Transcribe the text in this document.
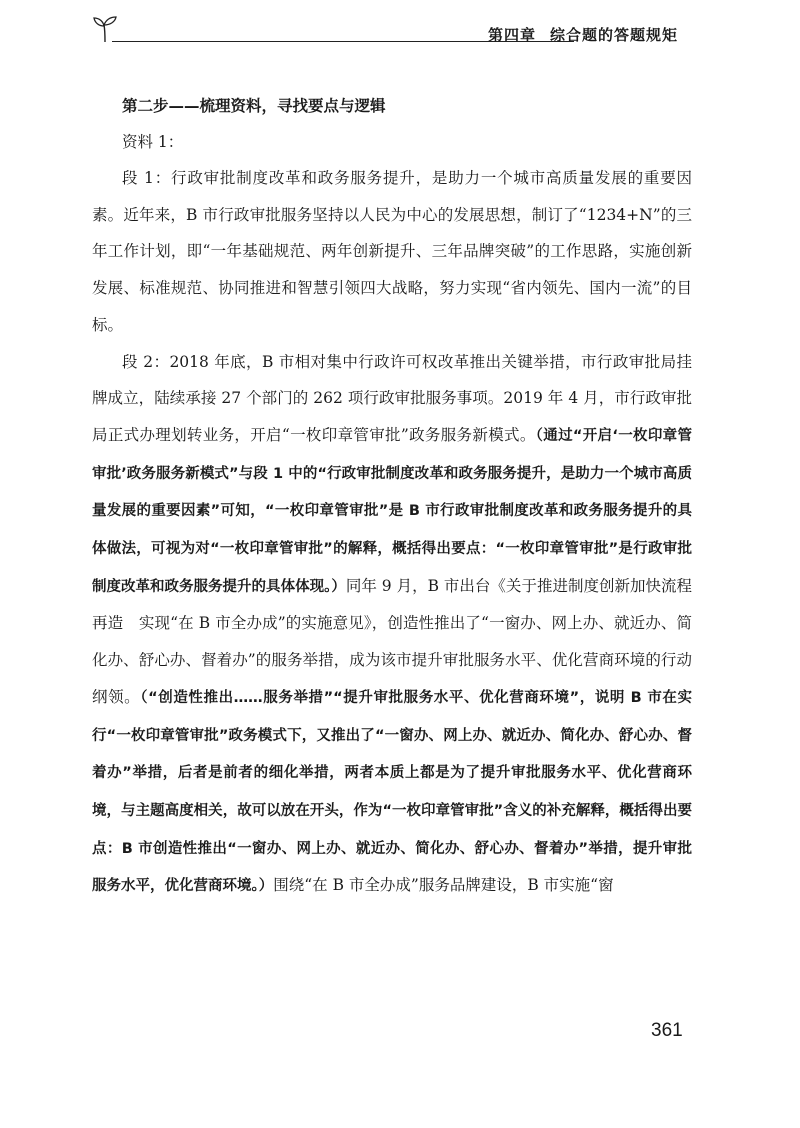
第四章 综合题的答题规矩
第二步——梳理资料，寻找要点与逻辑
资料 1：

段 1：行政审批制度改革和政务服务提升，是助力一个城市高质量发展的重要因素。近年来，B 市行政审批服务坚持以人民为中心的发展思想，制订了“1234+N”的三年工作计划，即“一年基础规范、两年创新提升、三年品牌突破”的工作思路，实施创新发展、标准规范、协同推进和智慧引领四大战略，努力实现“省内领先、国内一流”的目标。

段 2：2018 年底，B 市相对集中行政许可权改革推出关键举措，市行政审批局挂牌成立，陆续承接 27 个部门的 262 项行政审批服务事项。2019 年 4 月，市行政审批局正式办理划转业务，开启“一枚印章管审批”政务服务新模式。（通过“开启‘一枚印章管审批’政务服务新模式”与段 1 中的“行政审批制度改革和政务服务提升，是助力一个城市高质量发展的重要因素”可知，“一枚印章管审批”是 B 市行政审批制度改革和政务服务提升的具体做法，可视为对“一枚印章管审批”的解释，概括得出要点：“一枚印章管审批”是行政审批制度改革和政务服务提升的具体体现。）同年 9 月，B 市出台《关于推进制度创新加快流程再造　实现“在 B 市全办成”的实施意见》，创造性推出了“一窗办、网上办、就近办、简化办、舒心办、督着办”的服务举措，成为该市提升审批服务水平、优化营商环境的行动纲领。（“创造性推出……服务举措”“提升审批服务水平、优化营商环境”，说明 B 市在实行“一枚印章管审批”政务模式下，又推出了“一窗办、网上办、就近办、简化办、舒心办、督着办”举措，后者是前者的细化举措，两者本质上都是为了提升审批服务水平、优化营商环境，与主题高度相关，故可以放在开头，作为“一枚印章管审批”含义的补充解释，概括得出要点：B 市创造性推出“一窗办、网上办、就近办、简化办、舒心办、督着办”举措，提升审批服务水平，优化营商环境。）围绕“在 B 市全办成”服务品牌建设，B 市实施“窗

361
